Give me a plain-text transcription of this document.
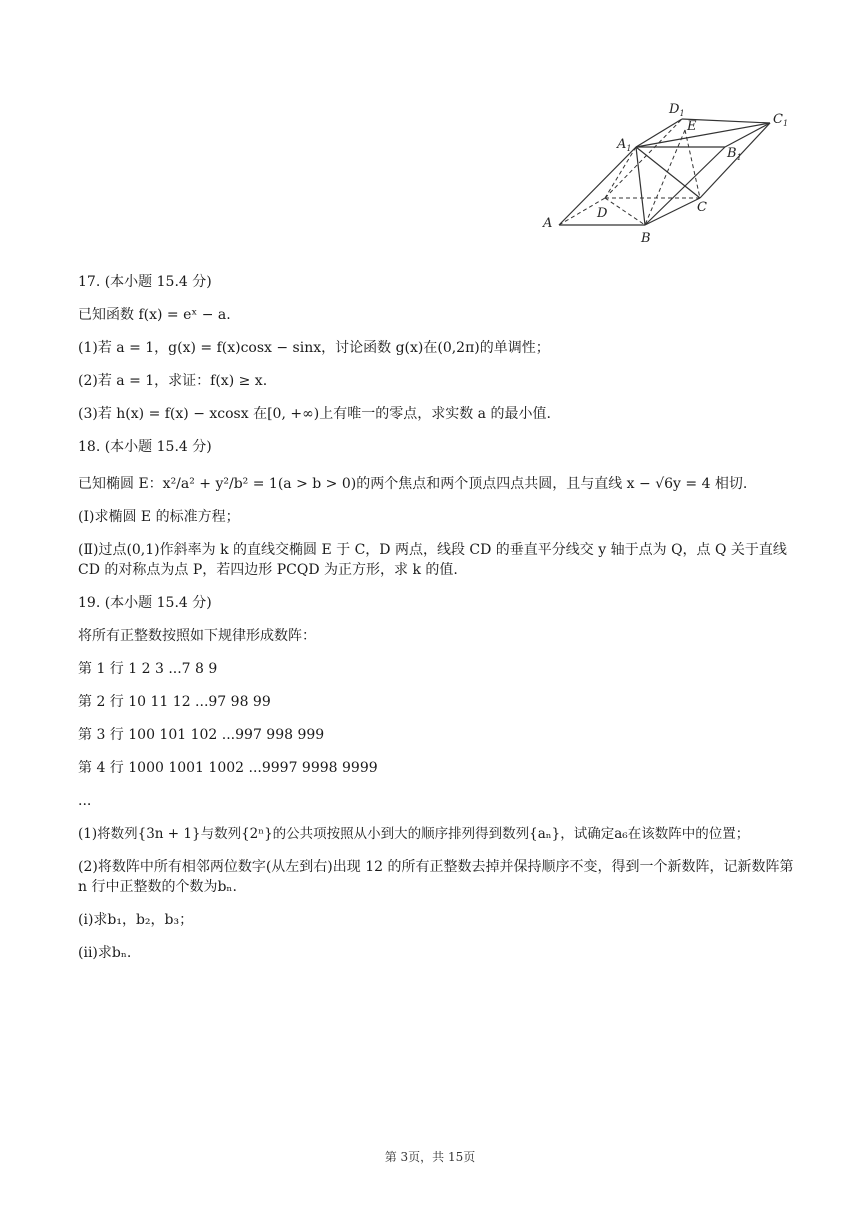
A
B
C
D
$A_1$	$B_1$
$C_1$
$D_1$
E
17. (本小题 15.4 分)
已知函数 f(x) = eˣ − a.
(1)若 a = 1，g(x) = f(x)cosx − sinx，讨论函数 g(x)在(0,2π)的单调性；
(2)若 a = 1，求证：f(x) ≥ x.
(3)若 h(x) = f(x) − xcosx 在[0, +∞)上有唯一的零点，求实数 a 的最小值.
18. (本小题 15.4 分)
已知椭圆 E：x²/a² + y²/b² = 1(a > b > 0)的两个焦点和两个顶点四点共圆，且与直线 x − √6y = 4 相切.
(Ⅰ)求椭圆 E 的标准方程；
(Ⅱ)过点(0,1)作斜率为 k 的直线交椭圆 E 于 C，D 两点，线段 CD 的垂直平分线交 y 轴于点为 Q，点 Q 关于直线 CD 的对称点为点 P，若四边形 PCQD 为正方形，求 k 的值.
19. (本小题 15.4 分)
将所有正整数按照如下规律形成数阵：
第 1 行 1 2 3 ...7 8 9
第 2 行 10 11 12 ...97 98 99
第 3 行 100 101 102 ...997 998 999
第 4 行 1000 1001 1002 ...9997 9998 9999
...
(1)将数列{3n + 1}与数列{2ⁿ}的公共项按照从小到大的顺序排列得到数列{aₙ}，试确定a₆在该数阵中的位置；
(2)将数阵中所有相邻两位数字(从左到右)出现 12 的所有正整数去掉并保持顺序不变，得到一个新数阵，记新数阵第 n 行中正整数的个数为bₙ.
(i)求b₁，b₂，b₃；
(ii)求bₙ.
第 3页，共 15页
